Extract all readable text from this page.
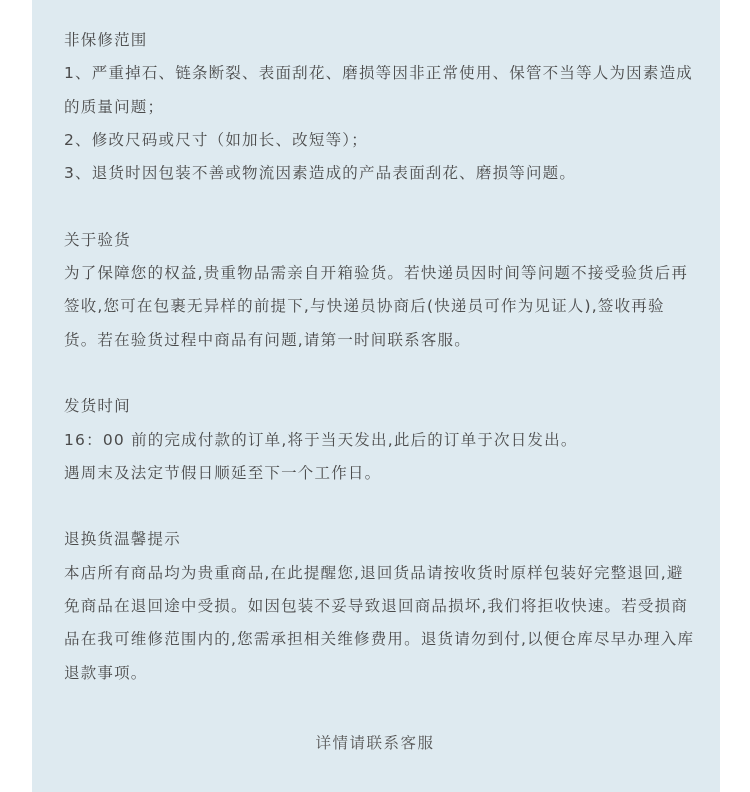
非保修范围
1、严重掉石、链条断裂、表面刮花、磨损等因非正常使用、保管不当等人为因素造成的质量问题；
2、修改尺码或尺寸（如加长、改短等）；
3、退货时因包装不善或物流因素造成的产品表面刮花、磨损等问题。
关于验货
为了保障您的权益,贵重物品需亲自开箱验货。若快递员因时间等问题不接受验货后再签收,您可在包裹无异样的前提下,与快递员协商后(快递员可作为见证人),签收再验货。若在验货过程中商品有问题,请第一时间联系客服。
发货时间
16：00 前的完成付款的订单,将于当天发出,此后的订单于次日发出。
遇周末及法定节假日顺延至下一个工作日。
退换货温馨提示
本店所有商品均为贵重商品,在此提醒您,退回货品请按收货时原样包装好完整退回,避免商品在退回途中受损。如因包装不妥导致退回商品损坏,我们将拒收快速。若受损商品在我可维修范围内的,您需承担相关维修费用。退货请勿到付,以便仓库尽早办理入库退款事项。
详情请联系客服
